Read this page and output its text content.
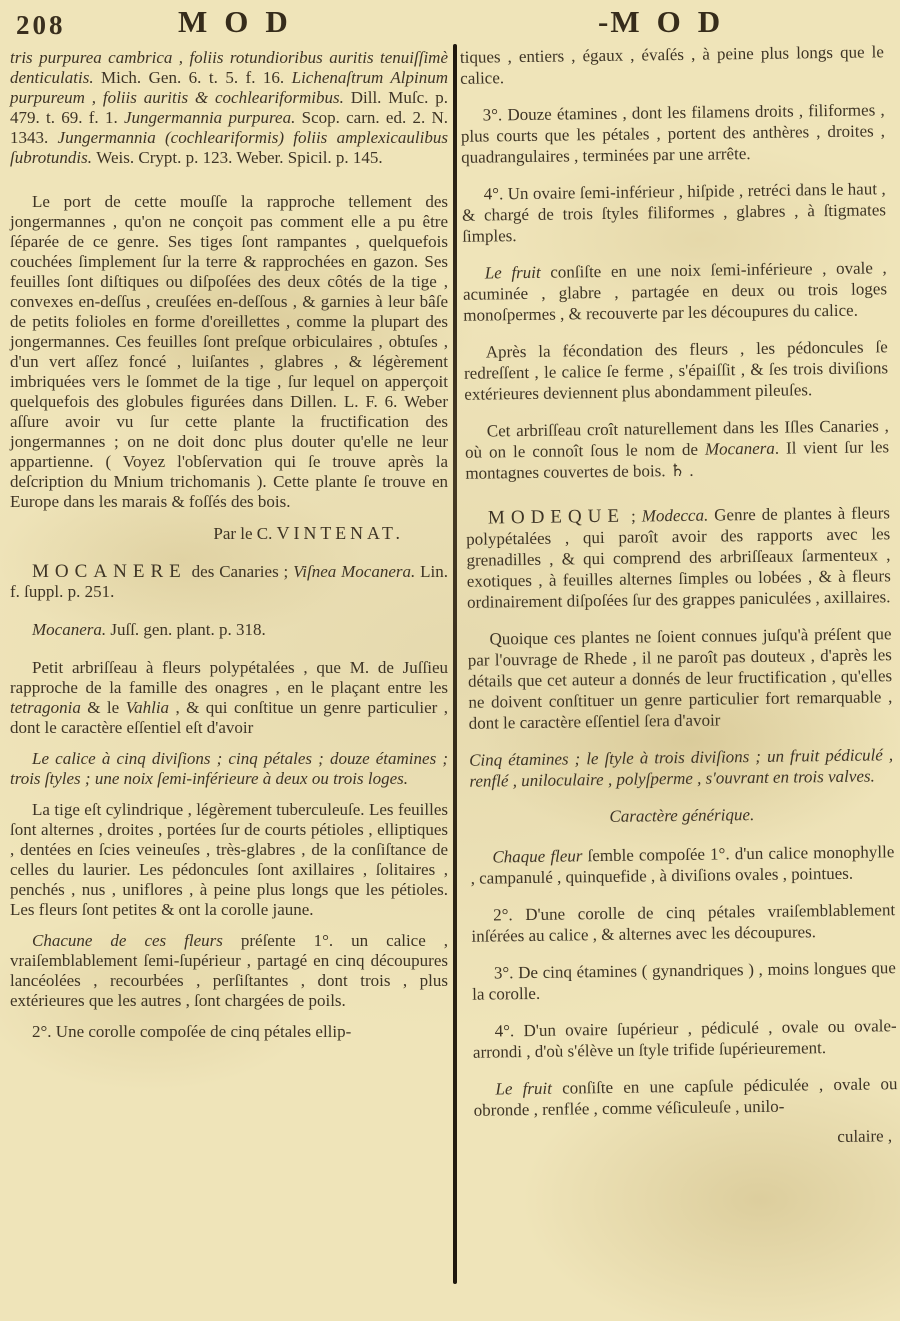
208	MOD	-MOD

tris purpurea cambrica , foliis rotundioribus auritis tenuiſſimè denticulatis. Mich. Gen. 6. t. 5. f. 16. Lichenaſtrum Alpinum purpureum , foliis auritis & cochleariformibus. Dill. Muſc. p. 479. t. 69. f. 1. Jungermannia purpurea. Scop. carn. ed. 2. N. 1343. Jungermannia (cochleariformis) foliis amplexicaulibus ſubrotundis. Weis. Crypt. p. 123. Weber. Spicil. p. 145.

Le port de cette mouſſe la rapproche tellement des jongermannes , qu'on ne conçoit pas comment elle a pu être ſéparée de ce genre. Ses tiges ſont rampantes , quelquefois couchées ſimplement ſur la terre & rapprochées en gazon. Ses feuilles ſont diſtiques ou diſpoſées des deux côtés de la tige , convexes en-deſſus , creuſées en-deſſous , & garnies à leur bâſe de petits folioles en forme d'oreillettes , comme la plupart des jongermannes. Ces feuilles ſont preſque orbiculaires , obtuſes , d'un vert aſſez foncé , luiſantes , glabres , & légèrement imbriquées vers le ſommet de la tige , ſur lequel on apperçoit quelquefois des globules figurées dans Dillen. L. F. 6. Weber aſſure avoir vu ſur cette plante la fructification des jongermannes ; on ne doit donc plus douter qu'elle ne leur appartienne. ( Voyez l'obſervation qui ſe trouve après la deſcription du Mnium trichomanis ). Cette plante ſe trouve en Europe dans les marais & foſſés des bois.

Par le C. VINTENAT.

MOCANERE des Canaries ; Viſnea Mocanera. Lin. f. ſuppl. p. 251.

Mocanera. Juſſ. gen. plant. p. 318.

Petit arbriſſeau à fleurs polypétalées , que M. de Juſſieu rapproche de la famille des onagres , en le plaçant entre les tetragonia & le Vahlia , & qui conſtitue un genre particulier , dont le caractère eſſentiel eſt d'avoir

Le calice à cinq diviſions ; cinq pétales ; douze étamines ; trois ſtyles ; une noix ſemi-inférieure à deux ou trois loges.

La tige eſt cylindrique , légèrement tuberculeuſe. Les feuilles ſont alternes , droites , portées ſur de courts pétioles , elliptiques , dentées en ſcies veineuſes , très-glabres , de la conſiſtance de celles du laurier. Les pédoncules ſont axillaires , ſolitaires , penchés , nus , uniflores , à peine plus longs que les pétioles. Les fleurs ſont petites & ont la corolle jaune.

Chacune de ces fleurs préſente 1°. un calice , vraiſemblablement ſemi-ſupérieur , partagé en cinq découpures lancéolées , recourbées , perſiſtantes , dont trois , plus extérieures que les autres , ſont chargées de poils.

2°. Une corolle compoſée de cinq pétales ellip-

tiques , entiers , égaux , évaſés , à peine plus longs que le calice.

3°. Douze étamines , dont les filamens droits , filiformes , plus courts que les pétales , portent des anthères , droites , quadrangulaires , terminées par une arrête.

4°. Un ovaire ſemi-inférieur , hiſpide , retréci dans le haut , & chargé de trois ſtyles filiformes , glabres , à ſtigmates ſimples.

Le fruit conſiſte en une noix ſemi-inférieure , ovale , acuminée , glabre , partagée en deux ou trois loges monoſpermes , & recouverte par les découpures du calice.

Après la fécondation des fleurs , les pédoncules ſe redreſſent , le calice ſe ferme , s'épaiſſit , & ſes trois diviſions extérieures deviennent plus abondamment pileuſes.

Cet arbriſſeau croît naturellement dans les Iſles Canaries , où on le connoît ſous le nom de Mocanera. Il vient ſur les montagnes couvertes de bois. ♄ .

MODEQUE ; Modecca. Genre de plantes à fleurs polypétalées , qui paroît avoir des rapports avec les grenadilles , & qui comprend des arbriſſeaux ſarmenteux , exotiques , à feuilles alternes ſimples ou lobées , & à fleurs ordinairement diſpoſées ſur des grappes paniculées , axillaires.

Quoique ces plantes ne ſoient connues juſqu'à préſent que par l'ouvrage de Rhede , il ne paroît pas douteux , d'après les détails que cet auteur a donnés de leur fructification , qu'elles ne doivent conſtituer un genre particulier fort remarquable , dont le caractère eſſentiel ſera d'avoir

Cinq étamines ; le ſtyle à trois diviſions ; un fruit pédiculé , renflé , uniloculaire , polyſperme , s'ouvrant en trois valves.

Caractère générique.

Chaque fleur ſemble compoſée 1°. d'un calice monophylle , campanulé , quinquefide , à diviſions ovales , pointues.

2°. D'une corolle de cinq pétales vraiſemblablement inſérées au calice , & alternes avec les découpures.

3°. De cinq étamines ( gynandriques ) , moins longues que la corolle.

4°. D'un ovaire ſupérieur , pédiculé , ovale ou ovale-arrondi , d'où s'élève un ſtyle trifide ſupérieurement.

Le fruit conſiſte en une capſule pédiculée , ovale ou obronde , renflée , comme véſiculeuſe , unilo-

culaire ,
